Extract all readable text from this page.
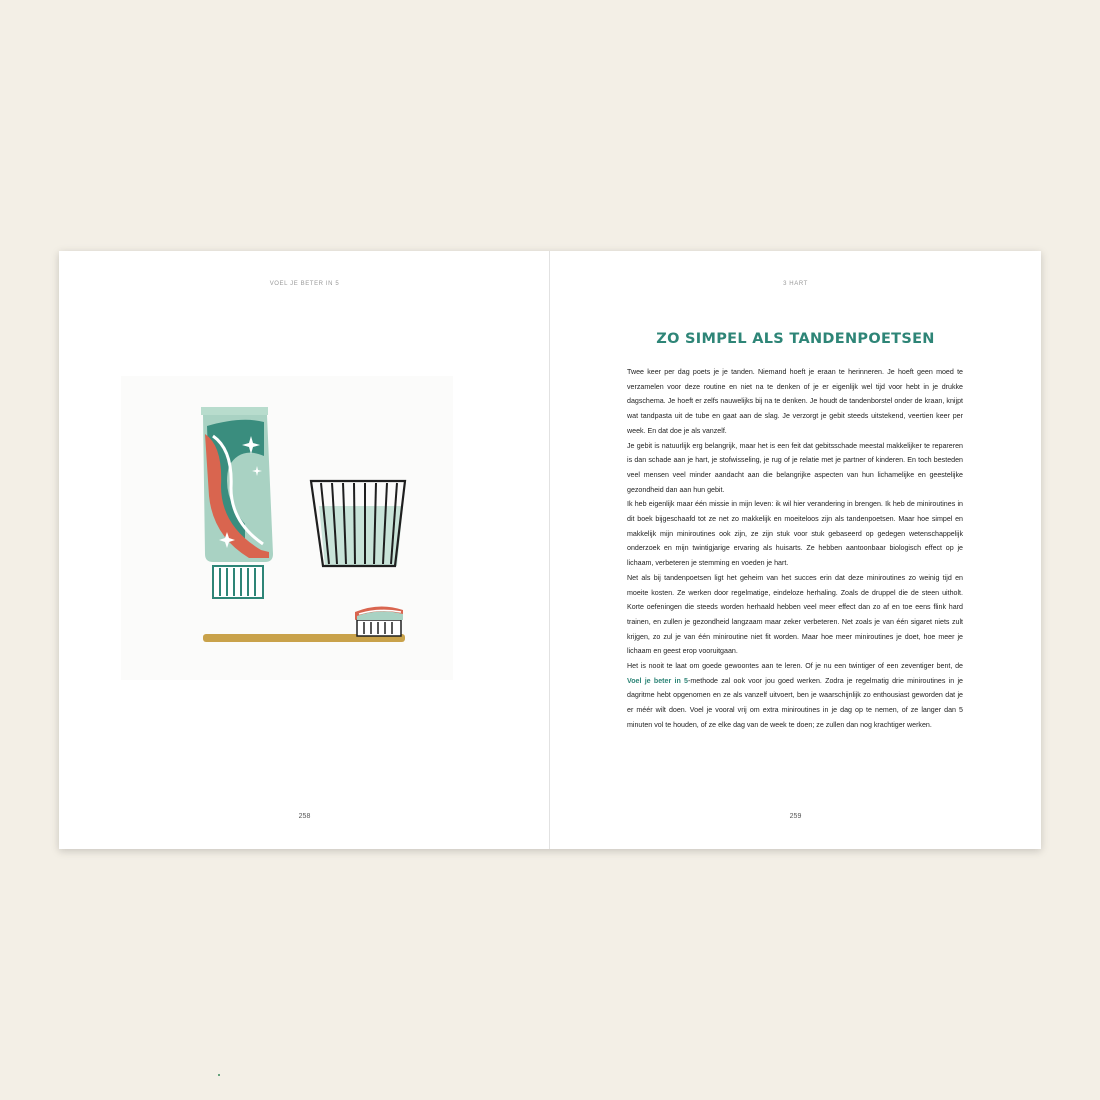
VOEL JE BETER IN 5
258
3 HART
ZO SIMPEL ALS TANDENPOETSEN

Twee keer per dag poets je je tanden. Niemand hoeft je eraan te herinneren. Je hoeft geen moed te verzamelen voor deze routine en niet na te denken of je er eigenlijk wel tijd voor hebt in je drukke dagschema. Je hoeft er zelfs nauwelijks bij na te denken. Je houdt de tandenborstel onder de kraan, knijpt wat tandpasta uit de tube en gaat aan de slag. Je verzorgt je gebit steeds uitstekend, veertien keer per week. En dat doe je als vanzelf.

Je gebit is natuurlijk erg belangrijk, maar het is een feit dat gebitsschade meestal makkelijker te repareren is dan schade aan je hart, je stofwisseling, je rug of je relatie met je partner of kinderen. En toch besteden veel mensen veel minder aandacht aan die belangrijke aspecten van hun lichamelijke en geestelijke gezondheid dan aan hun gebit.

Ik heb eigenlijk maar één missie in mijn leven: ik wil hier verandering in brengen. Ik heb de miniroutines in dit boek bijgeschaafd tot ze net zo makkelijk en moeiteloos zijn als tandenpoetsen. Maar hoe simpel en makkelijk mijn miniroutines ook zijn, ze zijn stuk voor stuk gebaseerd op gedegen wetenschappelijk onderzoek en mijn twintigjarige ervaring als huisarts. Ze hebben aantoonbaar biologisch effect op je lichaam, verbeteren je stemming en voeden je hart.

Net als bij tandenpoetsen ligt het geheim van het succes erin dat deze miniroutines zo weinig tijd en moeite kosten. Ze werken door regelmatige, eindeloze herhaling. Zoals de druppel die de steen uitholt. Korte oefeningen die steeds worden herhaald hebben veel meer effect dan zo af en toe eens flink hard trainen, en zullen je gezondheid langzaam maar zeker verbeteren. Net zoals je van één sigaret niets zult krijgen, zo zul je van één miniroutine niet fit worden. Maar hoe meer miniroutines je doet, hoe meer je lichaam en geest erop vooruitgaan.

Het is nooit te laat om goede gewoontes aan te leren. Of je nu een twintiger of een zeventiger bent, de Voel je beter in 5-methode zal ook voor jou goed werken. Zodra je regelmatig drie miniroutines in je dagritme hebt opgenomen en ze als vanzelf uitvoert, ben je waarschijnlijk zo enthousiast geworden dat je er méér wilt doen. Voel je vooral vrij om extra miniroutines in je dag op te nemen, of ze langer dan 5 minuten vol te houden, of ze elke dag van de week te doen; ze zullen dan nog krachtiger werken.

259
